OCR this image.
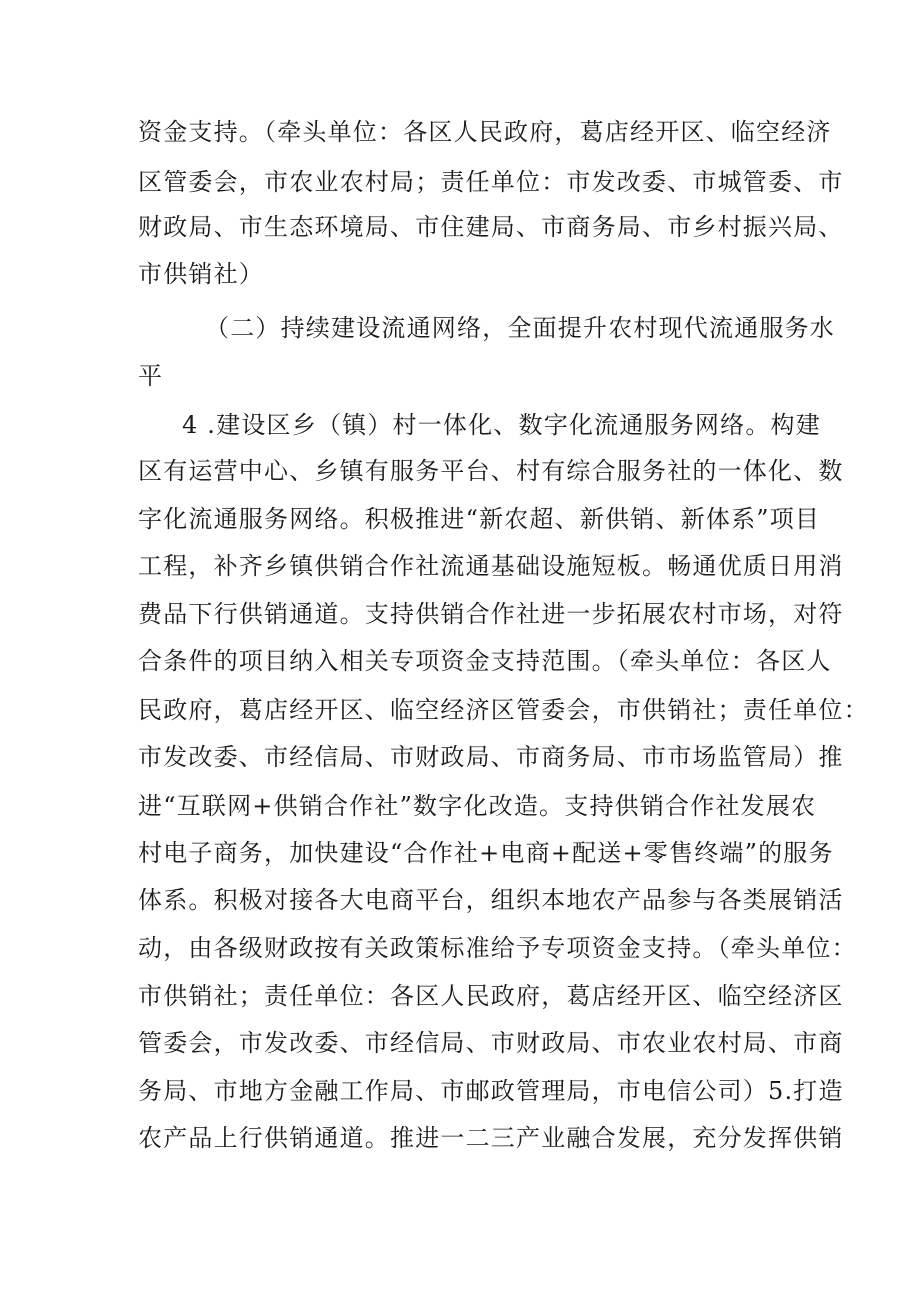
资金支持。（牵头单位：各区人民政府，葛店经开区、临空经济
区管委会，市农业农村局；责任单位：市发改委、市城管委、市
财政局、市生态环境局、市住建局、市商务局、市乡村振兴局、
市供销社）
（二）持续建设流通网络，全面提升农村现代流通服务水
平
4 .建设区乡（镇）村一体化、数字化流通服务网络。构建
区有运营中心、乡镇有服务平台、村有综合服务社的一体化、数
字化流通服务网络。积极推进“新农超、新供销、新体系”项目
工程，补齐乡镇供销合作社流通基础设施短板。畅通优质日用消
费品下行供销通道。支持供销合作社进一步拓展农村市场，对符
合条件的项目纳入相关专项资金支持范围。（牵头单位：各区人
民政府，葛店经开区、临空经济区管委会，市供销社；责任单位：
市发改委、市经信局、市财政局、市商务局、市市场监管局）推
进“互联网+供销合作社”数字化改造。支持供销合作社发展农
村电子商务，加快建设“合作社+电商+配送+零售终端”的服务
体系。积极对接各大电商平台，组织本地农产品参与各类展销活
动，由各级财政按有关政策标准给予专项资金支持。（牵头单位：
市供销社；责任单位：各区人民政府，葛店经开区、临空经济区
管委会，市发改委、市经信局、市财政局、市农业农村局、市商
务局、市地方金融工作局、市邮政管理局，市电信公司）5.打造
农产品上行供销通道。推进一二三产业融合发展，充分发挥供销
